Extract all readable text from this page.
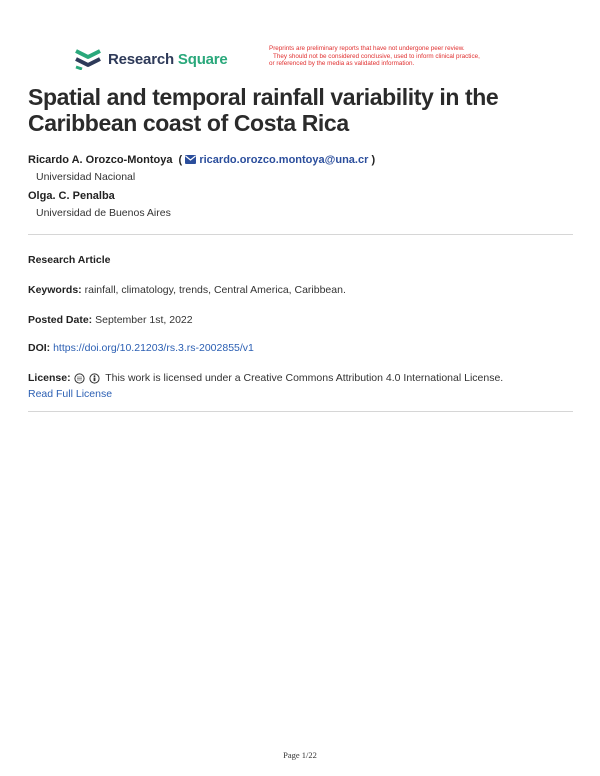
Research Square
Preprints are preliminary reports that have not undergone peer review.
They should not be considered conclusive, used to inform clinical practice,
or referenced by the media as validated information.
Spatial and temporal rainfall variability in the
Caribbean coast of Costa Rica
Ricardo A. Orozco-Montoya  (  ricardo.orozco.montoya@una.cr )
Universidad Nacional
Olga. C. Penalba
Universidad de Buenos Aires
Research Article
Keywords: rainfall, climatology, trends, Central America, Caribbean.
Posted Date: September 1st, 2022
DOI: https://doi.org/10.21203/rs.3.rs-2002855/v1
License:
	This work is licensed under a Creative Commons Attribution 4.0 International License.
Read Full License
Page 1/22
